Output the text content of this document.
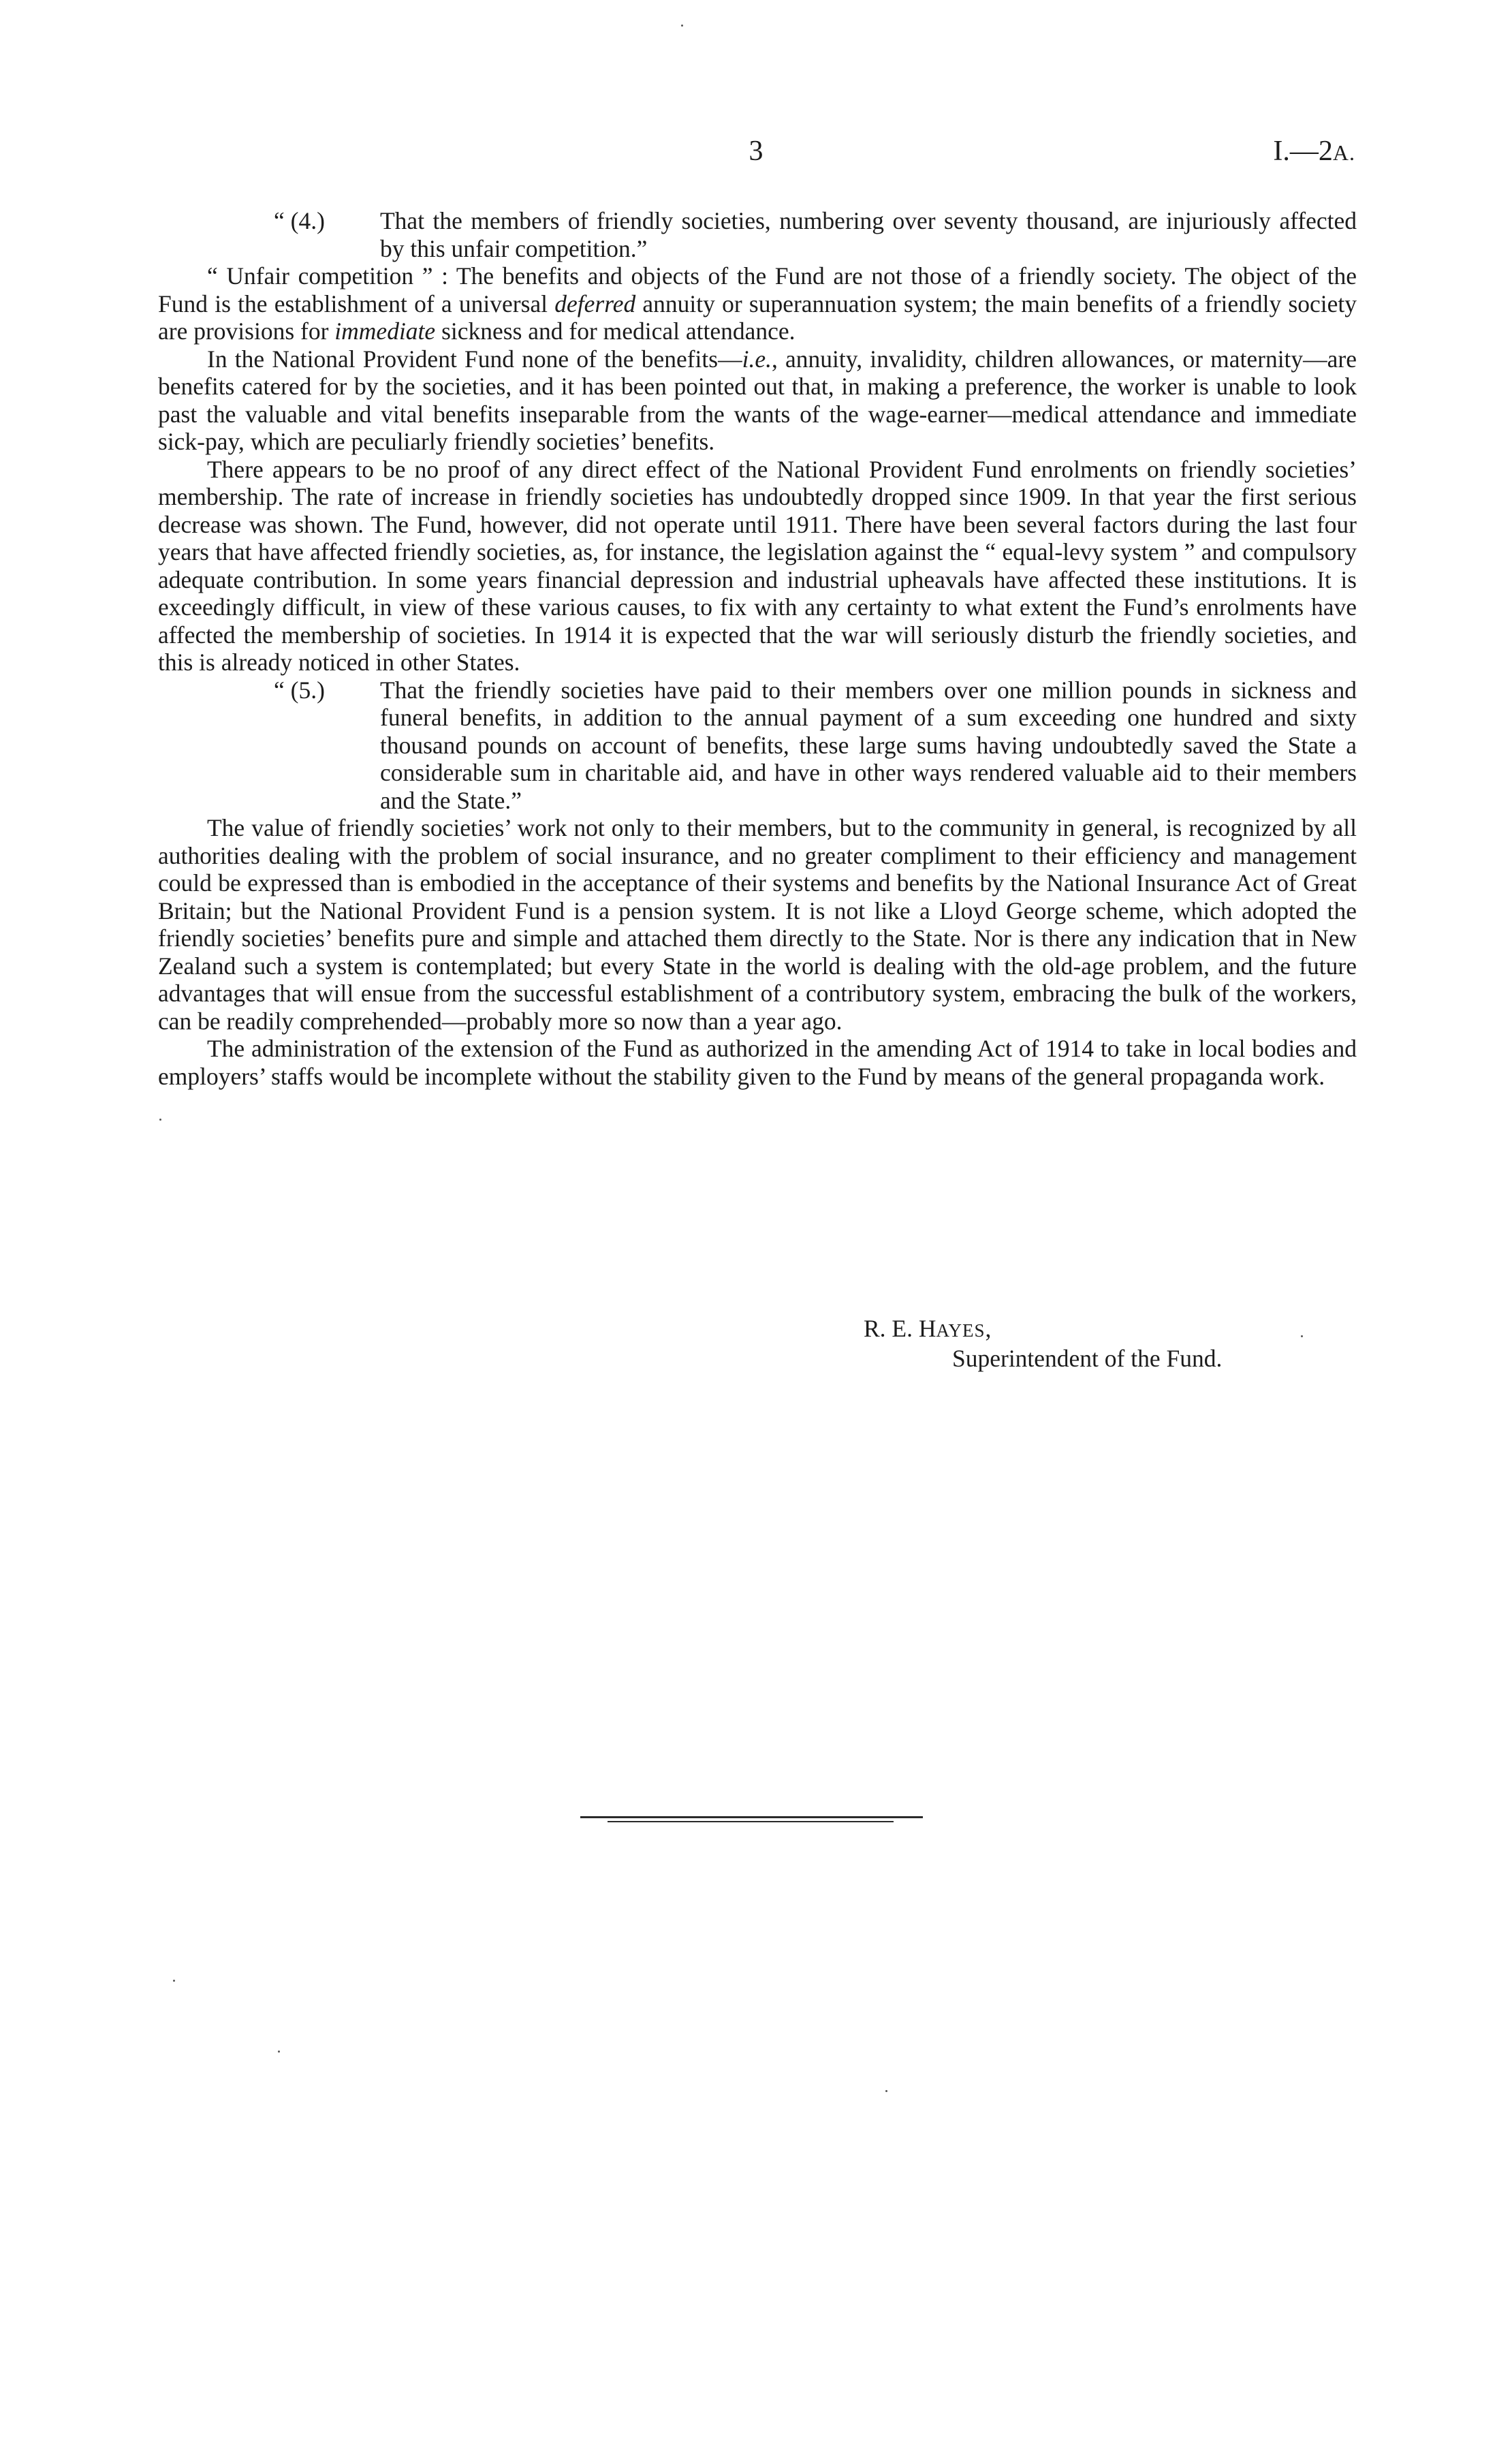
3	I.—2A.

“ (4.) That the members of friendly societies, numbering over seventy thousand, are injuriously affected by this unfair competition.”

“ Unfair competition ” : The benefits and objects of the Fund are not those of a friendly society. The object of the Fund is the establishment of a universal deferred annuity or superannuation system; the main benefits of a friendly society are provisions for immediate sickness and for medical attendance.

In the National Provident Fund none of the benefits—i.e., annuity, invalidity, children allowances, or maternity—are benefits catered for by the societies, and it has been pointed out that, in making a preference, the worker is unable to look past the valuable and vital benefits inseparable from the wants of the wage-earner—medical attendance and immediate sick-pay, which are peculiarly friendly societies’ benefits.

There appears to be no proof of any direct effect of the National Provident Fund enrolments on friendly societies’ membership. The rate of increase in friendly societies has undoubtedly dropped since 1909. In that year the first serious decrease was shown. The Fund, however, did not operate until 1911. There have been several factors during the last four years that have affected friendly societies, as, for instance, the legislation against the “ equal-levy system ” and compulsory adequate contribution. In some years financial depression and industrial upheavals have affected these institutions. It is exceedingly difficult, in view of these various causes, to fix with any certainty to what extent the Fund’s enrolments have affected the membership of societies. In 1914 it is expected that the war will seriously disturb the friendly societies, and this is already noticed in other States.

“ (5.) That the friendly societies have paid to their members over one million pounds in sickness and funeral benefits, in addition to the annual payment of a sum exceeding one hundred and sixty thousand pounds on account of benefits, these large sums having undoubtedly saved the State a considerable sum in charitable aid, and have in other ways rendered valuable aid to their members and the State.”

The value of friendly societies’ work not only to their members, but to the community in general, is recognized by all authorities dealing with the problem of social insurance, and no greater compliment to their efficiency and management could be expressed than is embodied in the acceptance of their systems and benefits by the National Insurance Act of Great Britain; but the National Provident Fund is a pension system. It is not like a Lloyd George scheme, which adopted the friendly societies’ benefits pure and simple and attached them directly to the State. Nor is there any indication that in New Zealand such a system is contemplated; but every State in the world is dealing with the old-age problem, and the future advantages that will ensue from the successful establishment of a contributory system, embracing the bulk of the workers, can be readily comprehended—probably more so now than a year ago.

The administration of the extension of the Fund as authorized in the amending Act of 1914 to take in local bodies and employers’ staffs would be incomplete without the stability given to the Fund by means of the general propaganda work.

R. E. HAYES,
Superintendent of the Fund.
